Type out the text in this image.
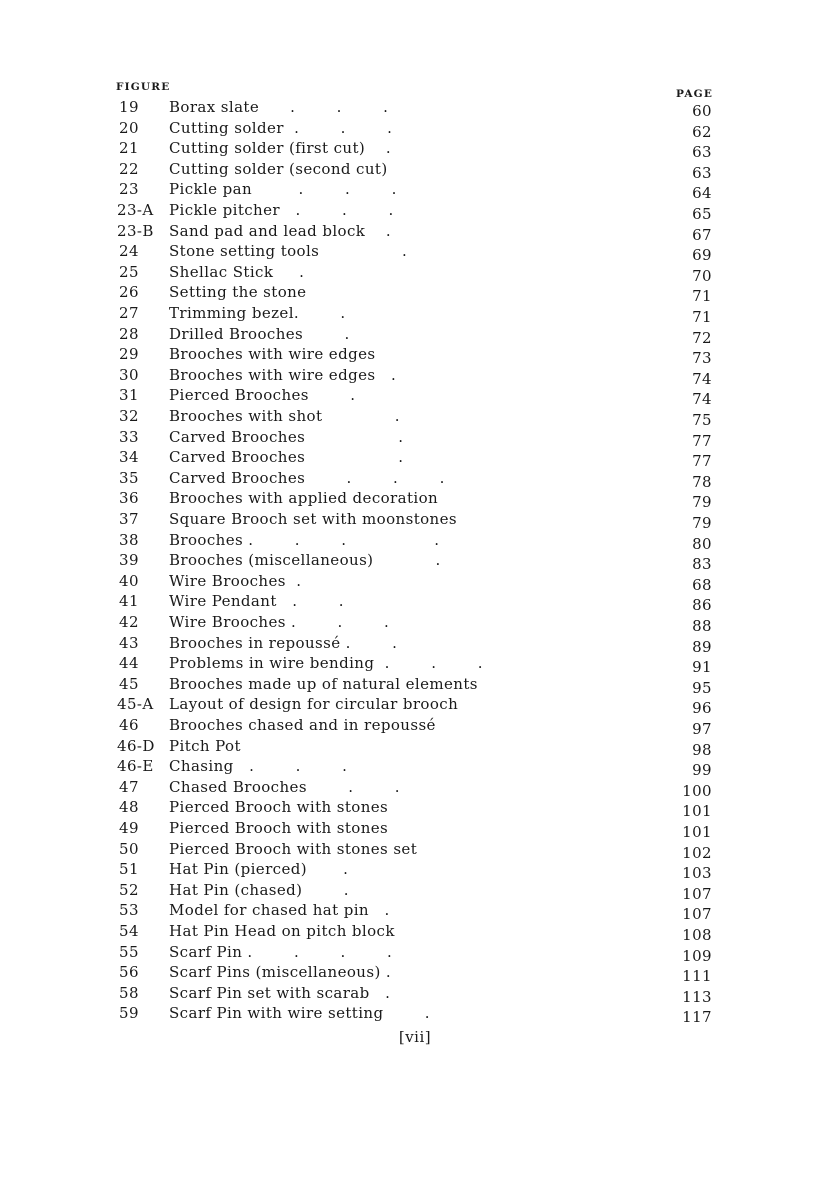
FIGURE
PAGE
19 Borax slate      .        .        .	60
20 Cutting solder  .        .        .	62
21 Cutting solder (first cut)    .	63
22 Cutting solder (second cut)	63
23 Pickle pan         .        .        .	64
23-A Pickle pitcher   .        .        .	65
23-B Sand pad and lead block    .	67
24 Stone setting tools                .	69
25 Shellac Stick     .	70
26 Setting the stone	71
27 Trimming bezel.        .	71
28 Drilled Brooches        .	72
29 Brooches with wire edges	73
30 Brooches with wire edges   .	74
31 Pierced Brooches        .	74
32 Brooches with shot              .	75
33 Carved Brooches                  .	77
34 Carved Brooches                  .	77
35 Carved Brooches        .        .        .	78
36 Brooches with applied decoration	79
37 Square Brooch set with moonstones	79
38 Brooches .        .        .                 .	80
39 Brooches (miscellaneous)            .	83
40 Wire Brooches  .	68
41 Wire Pendant   .        .	86
42 Wire Brooches .        .        .	88
43 Brooches in repoussé .        .	89
44 Problems in wire bending  .        .        .	91
45 Brooches made up of natural elements	95
45-A Layout of design for circular brooch	96
46 Brooches chased and in repoussé	97
46-D Pitch Pot	98
46-E Chasing   .        .        .	99
47 Chased Brooches        .        .	100
48 Pierced Brooch with stones	101
49 Pierced Brooch with stones	101
50 Pierced Brooch with stones set	102
51 Hat Pin (pierced)       .	103
52 Hat Pin (chased)        .	107
53 Model for chased hat pin   .	107
54 Hat Pin Head on pitch block	108
55 Scarf Pin .        .        .        .	109
56 Scarf Pins (miscellaneous) .	111
58 Scarf Pin set with scarab   .	113
59 Scarf Pin with wire setting        .	117
[vii]
